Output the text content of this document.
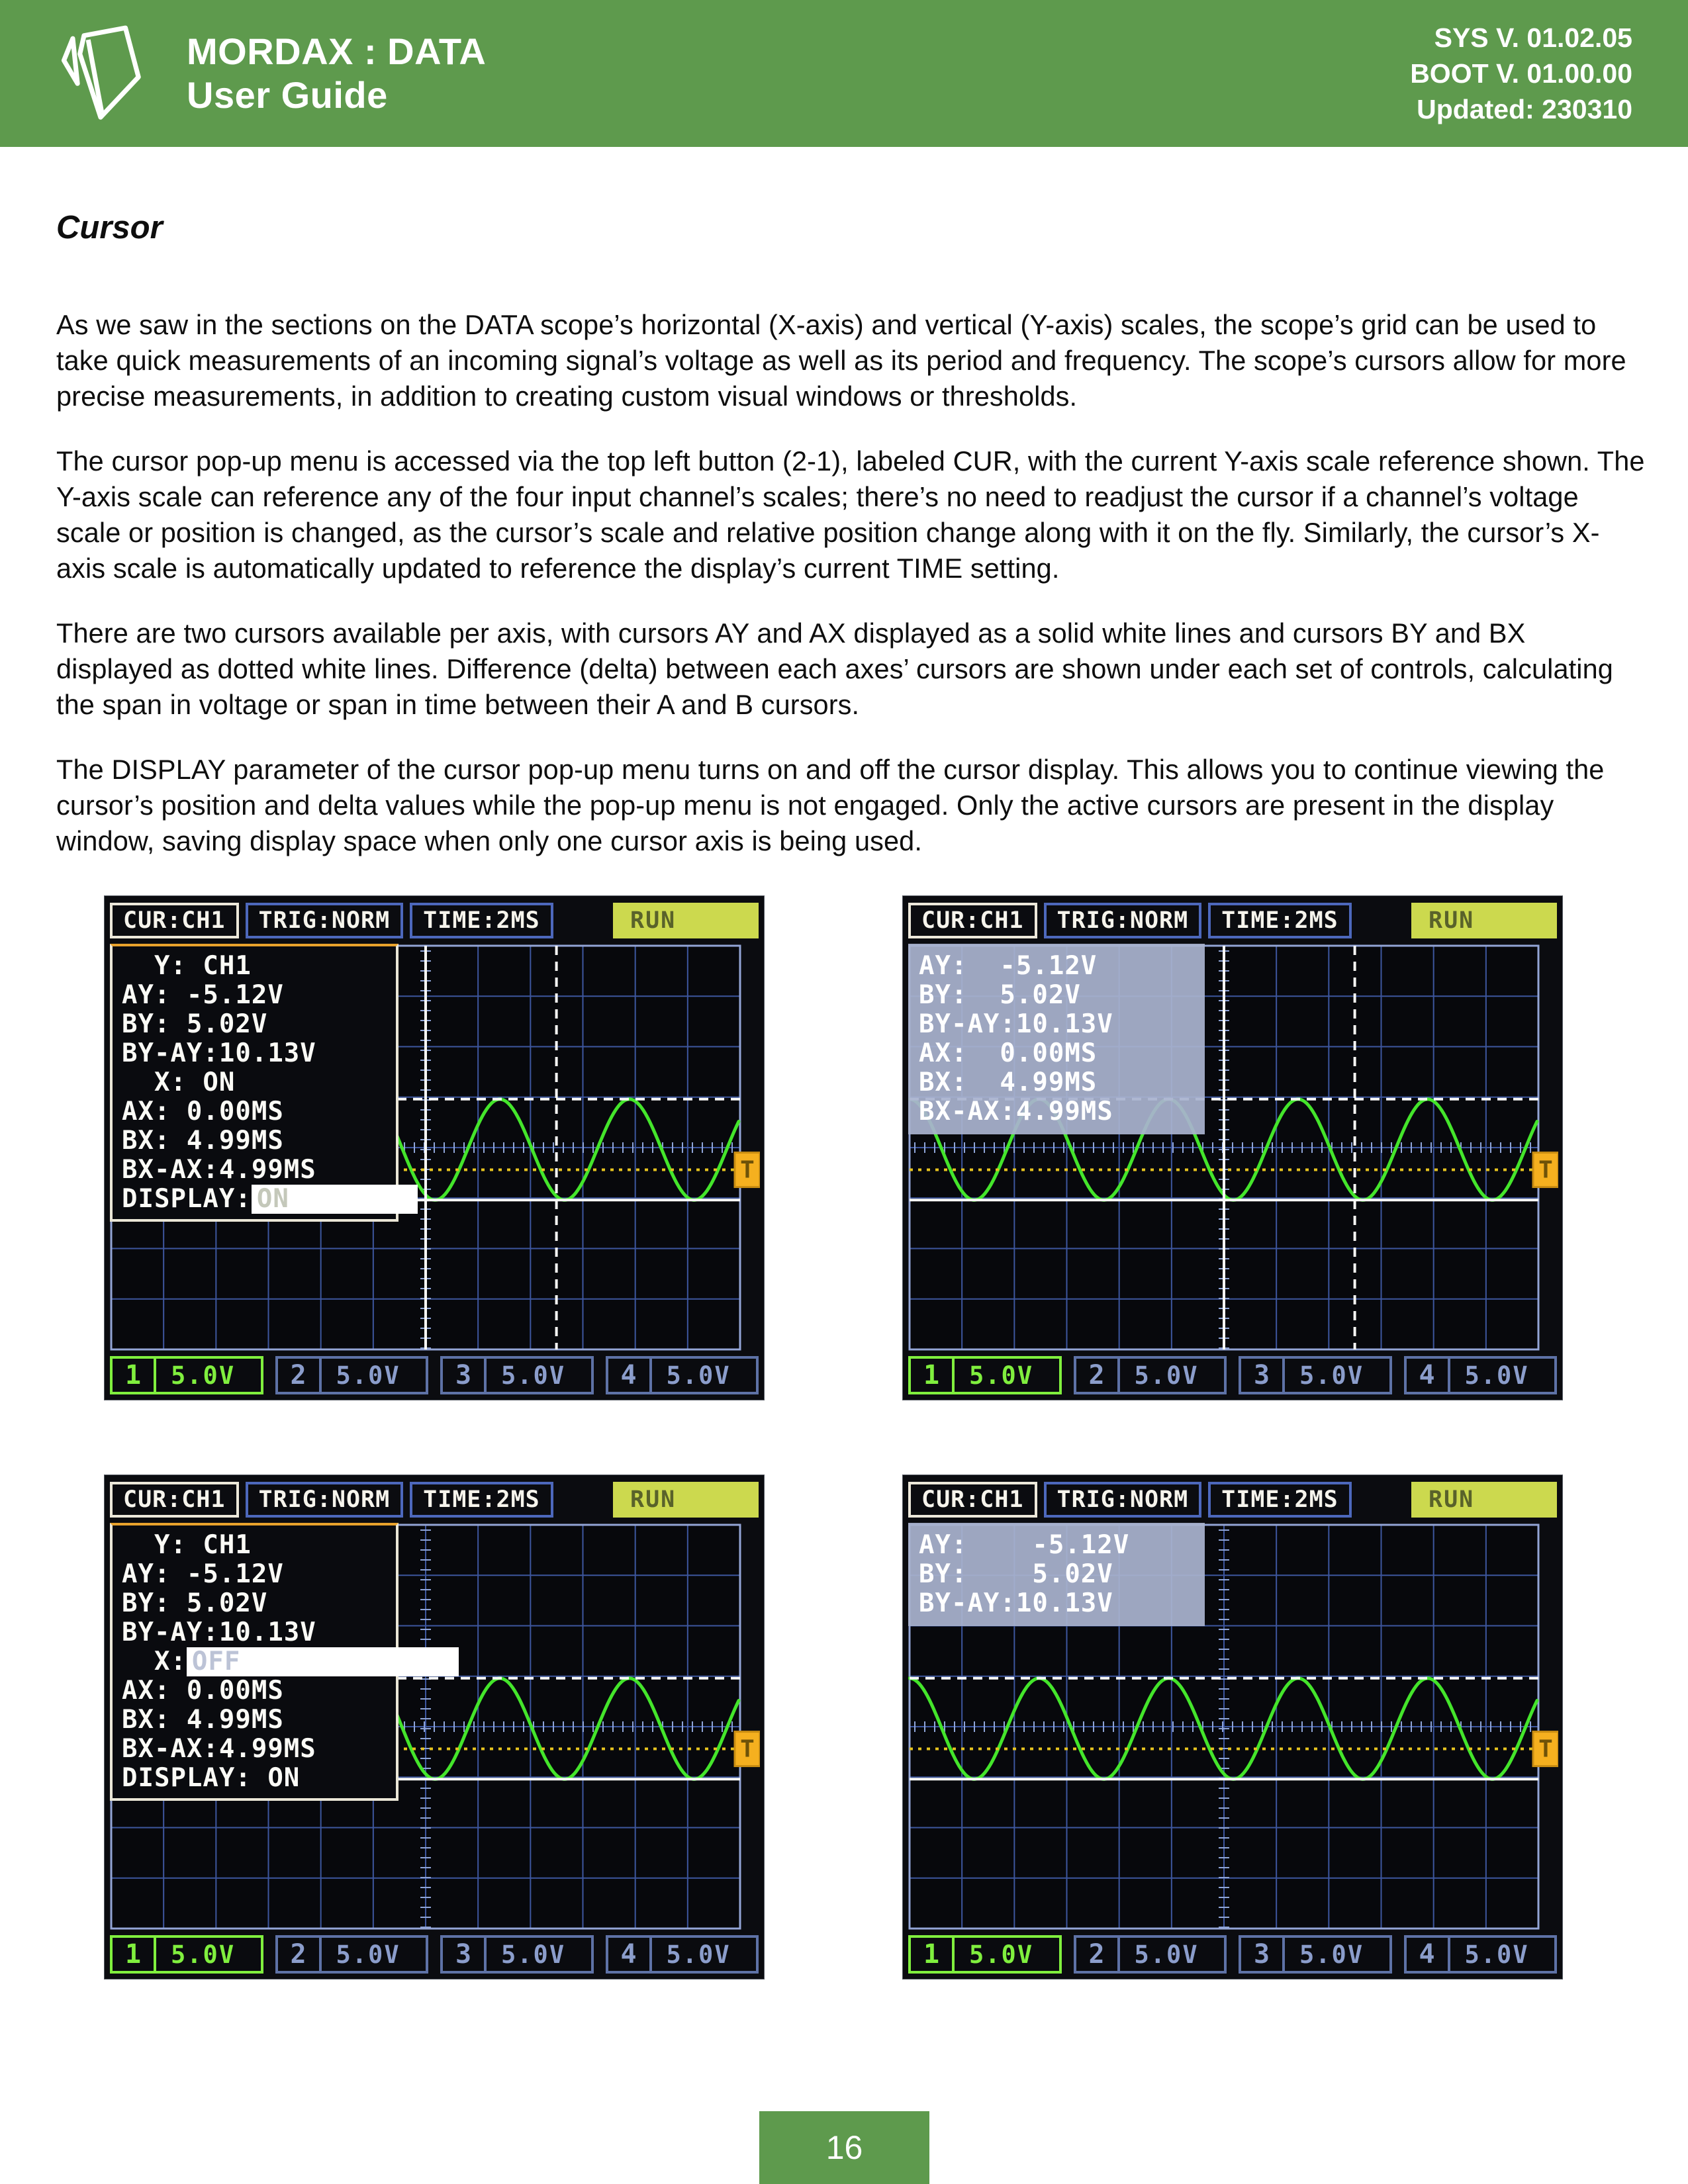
MORDAX : DATA
User Guide
SYS V. 01.02.05
BOOT V. 01.00.00
Updated: 230310
Cursor

As we saw in the sections on the DATA scope’s horizontal (X-axis) and vertical (Y-axis) scales, the scope’s grid can be used to take quick measurements of an incoming signal’s voltage as well as its period and frequency. The scope’s cursors allow for more precise measurements, in addition to creating custom visual windows or thresholds.

The cursor pop-up menu is accessed via the top left button (2-1), labeled CUR, with the current Y-axis scale reference shown. The Y-axis scale can reference any of the four input channel’s scales; there’s no need to readjust the cursor if a channel’s voltage scale or position is changed, as the cursor’s scale and relative position change along with it on the fly. Similarly, the cursor’s X-axis scale is automatically updated to reference the display’s current TIME setting.

There are two cursors available per axis, with cursors AY and AX displayed as a solid white lines and cursors BY and BX displayed as dotted white lines. Difference (delta) between each axes’ cursors are shown under each set of controls, calculating the span in voltage or span in time between their A and B cursors.

The DISPLAY parameter of the cursor pop-up menu turns on and off the cursor display. This allows you to continue viewing the cursor’s position and delta values while the pop-up menu is not engaged. Only the active cursors are present in the display window, saving display space when only one cursor axis is being used.

CUR:CH1	TRIG:NORM	TIME:2MS	RUN
T
Y: CH1
AY: -5.12V
BY: 5.02V
BY-AY:10.13V
X: ON
AX: 0.00MS
BX: 4.99MS
BX-AX:4.99MS
DISPLAY: ON
1	5.0V	2	5.0V	3	5.0V	4	5.0V
CUR:CH1	TRIG:NORM	TIME:2MS	RUN
T
AY:  -5.12V
BY:  5.02V
BY-AY:10.13V
AX:  0.00MS
BX:  4.99MS
BX-AX:4.99MS
1	5.0V	2	5.0V	3	5.0V	4	5.0V
CUR:CH1	TRIG:NORM	TIME:2MS	RUN
T
Y: CH1
AY: -5.12V
BY: 5.02V
BY-AY:10.13V
X: OFF
AX: 0.00MS
BX: 4.99MS
BX-AX:4.99MS
DISPLAY: ON
1	5.0V	2	5.0V	3	5.0V	4	5.0V
CUR:CH1	TRIG:NORM	TIME:2MS	RUN
T
AY:    -5.12V
BY:    5.02V
BY-AY:10.13V
1	5.0V	2	5.0V	3	5.0V	4	5.0V
16
